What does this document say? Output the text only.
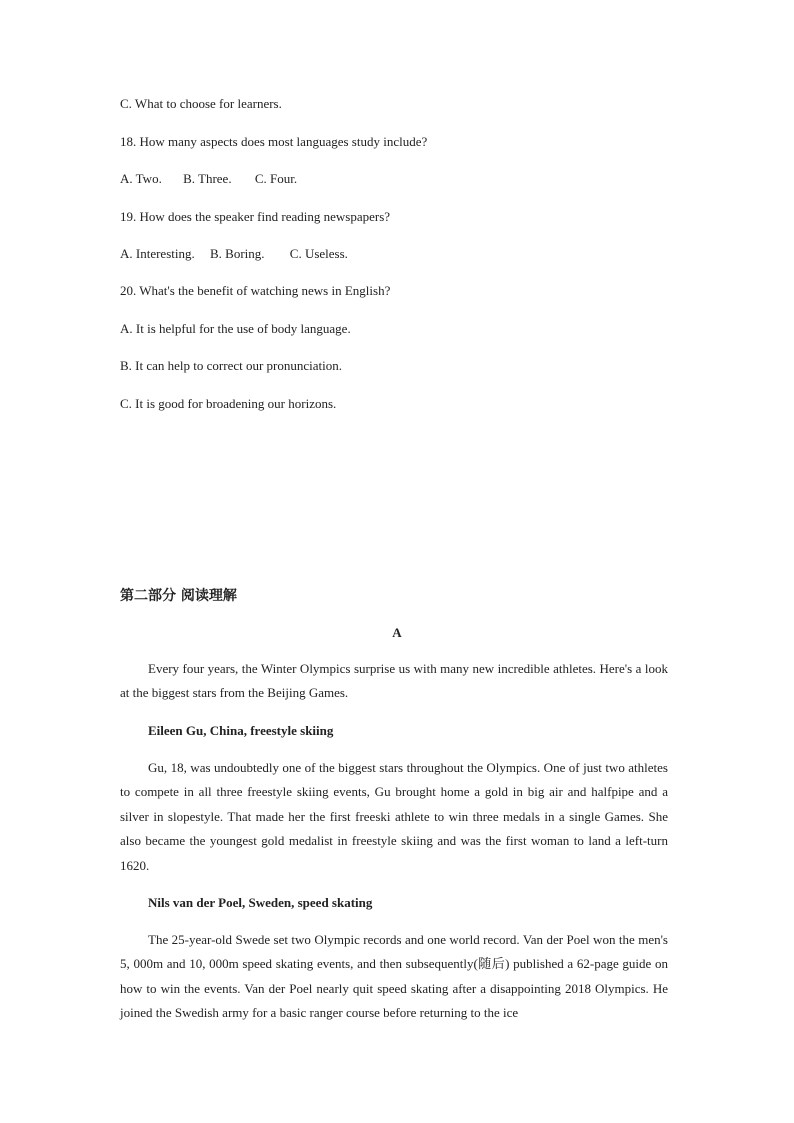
C. What to choose for learners.
18. How many aspects does most languages study include?
A. Two. B. Three. C. Four.
19. How does the speaker find reading newspapers?
A. Interesting. B. Boring. C. Useless.
20. What's the benefit of watching news in English?
A. It is helpful for the use of body language.
B. It can help to correct our pronunciation.
C. It is good for broadening our horizons.
第二部分 阅读理解
A

Every four years, the Winter Olympics surprise us with many new incredible athletes. Here's a look at the biggest stars from the Beijing Games.

Eileen Gu, China, freestyle skiing

Gu, 18, was undoubtedly one of the biggest stars throughout the Olympics. One of just two athletes to compete in all three freestyle skiing events, Gu brought home a gold in big air and halfpipe and a silver in slopestyle. That made her the first freeski athlete to win three medals in a single Games. She also became the youngest gold medalist in freestyle skiing and was the first woman to land a left-turn 1620.

Nils van der Poel, Sweden, speed skating

The 25-year-old Swede set two Olympic records and one world record. Van der Poel won the men's 5, 000m and 10, 000m speed skating events, and then subsequently(随后) published a 62-page guide on how to win the events. Van der Poel nearly quit speed skating after a disappointing 2018 Olympics. He joined the Swedish army for a basic ranger course before returning to the ice
